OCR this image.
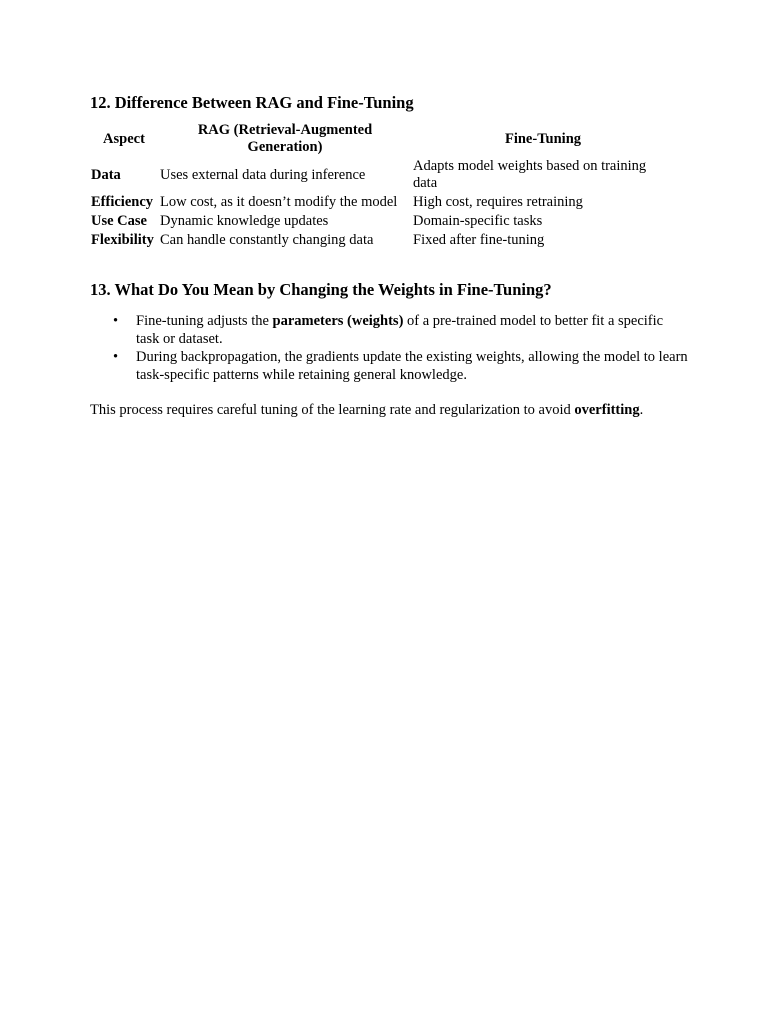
12. Difference Between RAG and Fine-Tuning
Aspect	RAG (Retrieval-Augmented Generation)	Fine-Tuning
Data	Uses external data during inference	Adapts model weights based on training data
Efficiency	Low cost, as it doesn’t modify the model	High cost, requires retraining
Use Case	Dynamic knowledge updates	Domain-specific tasks
Flexibility	Can handle constantly changing data	Fixed after fine-tuning
13. What Do You Mean by Changing the Weights in Fine-Tuning?
• Fine-tuning adjusts the parameters (weights) of a pre-trained model to better fit a specific task or dataset.
• During backpropagation, the gradients update the existing weights, allowing the model to learn task-specific patterns while retaining general knowledge.

This process requires careful tuning of the learning rate and regularization to avoid overfitting.
